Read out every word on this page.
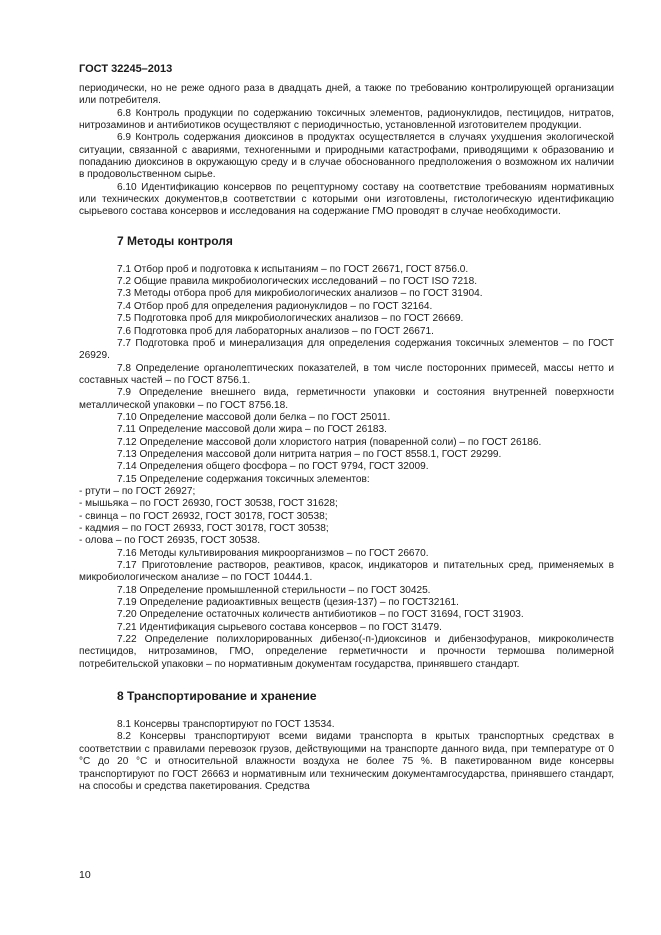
ГОСТ 32245–2013

периодически, но не реже одного раза в двадцать дней, а также по требованию контролирующей организации или потребителя.

6.8 Контроль продукции по содержанию токсичных элементов, радионуклидов, пестицидов, нитратов, нитрозаминов и антибиотиков осуществляют с периодичностью, установленной изготовителем продукции.

6.9 Контроль содержания диоксинов в продуктах осуществляется в случаях ухудшения экологической ситуации, связанной с авариями, техногенными и природными катастрофами, приводящими к образованию и попаданию диоксинов в окружающую среду и в случае обоснованного предположения о возможном их наличии в продовольственном сырье.

6.10 Идентификацию консервов по рецептурному составу на соответствие требованиям нормативных или технических документов,в соответствии с которыми они изготовлены, гистологическую идентификацию сырьевого состава консервов и исследования на содержание ГМО проводят в случае необходимости.

7 Методы контроля

7.1 Отбор проб и подготовка к испытаниям – по ГОСТ 26671, ГОСТ 8756.0.

7.2 Общие правила микробиологических исследований – по ГОСТ ISO 7218.

7.3 Методы отбора проб для микробиологических анализов – по ГОСТ 31904.

7.4 Отбор проб для определения радионуклидов – по ГОСТ 32164.

7.5 Подготовка проб для микробиологических анализов – по ГОСТ 26669.

7.6 Подготовка проб для лабораторных анализов – по ГОСТ 26671.

7.7 Подготовка проб и минерализация для определения содержания токсичных элементов – по ГОСТ 26929.

7.8 Определение органолептических показателей, в том числе посторонних примесей, массы нетто и составных частей – по ГОСТ 8756.1.

7.9 Определение внешнего вида, герметичности упаковки и состояния внутренней поверхности металлической упаковки – по ГОСТ 8756.18.

7.10 Определение массовой доли белка – по ГОСТ 25011.

7.11 Определение массовой доли жира – по ГОСТ 26183.

7.12 Определение массовой доли хлористого натрия (поваренной соли) – по ГОСТ 26186.

7.13 Определения массовой доли нитрита натрия – по ГОСТ 8558.1, ГОСТ 29299.

7.14 Определения общего фосфора – по ГОСТ 9794, ГОСТ 32009.

7.15 Определение содержания токсичных элементов:

- ртути – по ГОСТ 26927;

- мышьяка – по ГОСТ 26930, ГОСТ 30538, ГОСТ 31628;

- свинца – по ГОСТ 26932, ГОСТ 30178, ГОСТ 30538;

- кадмия – по ГОСТ 26933, ГОСТ 30178, ГОСТ 30538;

- олова – по ГОСТ 26935, ГОСТ 30538.

7.16 Методы культивирования микроорганизмов – по ГОСТ 26670.

7.17 Приготовление растворов, реактивов, красок, индикаторов и питательных сред, применяемых в микробиологическом анализе – по ГОСТ 10444.1.

7.18 Определение промышленной стерильности – по ГОСТ 30425.

7.19 Определение радиоактивных веществ (цезия-137) – по ГОСТ32161.

7.20 Определение остаточных количеств антибиотиков – по ГОСТ 31694, ГОСТ 31903.

7.21 Идентификация сырьевого состава консервов – по ГОСТ 31479.

7.22 Определение полихлорированных дибензо(-п-)диоксинов и дибензофуранов, микроколичеств пестицидов, нитрозаминов, ГМО, определение герметичности и прочности термошва полимерной потребительской упаковки – по нормативным документам государства, принявшего стандарт.

8 Транспортирование и хранение

8.1 Консервы транспортируют по ГОСТ 13534.

8.2 Консервы транспортируют всеми видами транспорта в крытых транспортных средствах в соответствии с правилами перевозок грузов, действующими на транспорте данного вида, при температуре от 0 °С до 20 °С и относительной влажности воздуха не более 75 %. В пакетированном виде консервы транспортируют по ГОСТ 26663 и нормативным или техническим документамгосударства, принявшего стандарт, на способы и средства пакетирования. Средства

10
